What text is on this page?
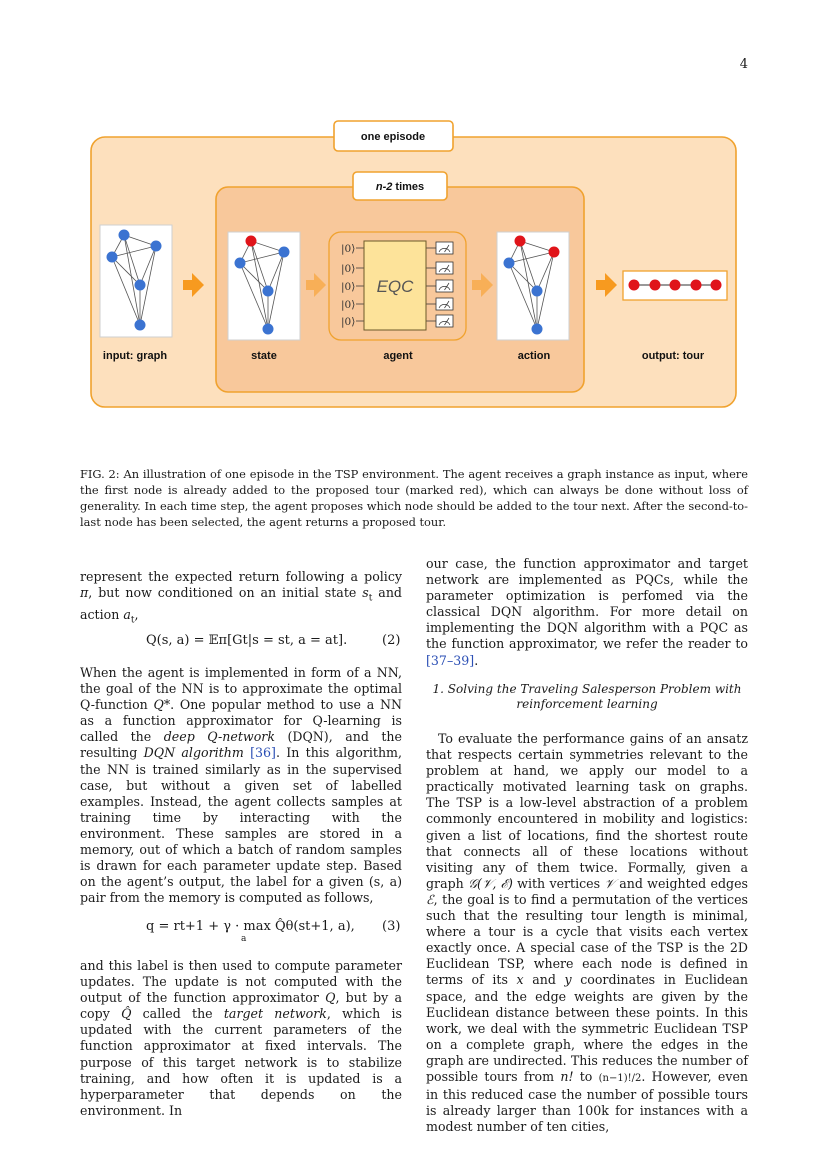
4
one episode
n-2 times
input: graph	state
|0⟩
|0⟩
|0⟩
|0⟩
|0⟩
EQC
agent	action	output: tour
FIG. 2: An illustration of one episode in the TSP environment. The agent receives a graph instance as input, where the first node is already added to the proposed tour (marked red), which can always be done without loss of generality. In each time step, the agent proposes which node should be added to the tour next. After the second-to-last node has been selected, the agent returns a proposed tour.

represent the expected return following a policy π, but now conditioned on an initial state $s_t$ and action $a_t$,

Q(s, a) = 𝔼π[Gt|s = st, a = at].	(2)

When the agent is implemented in form of a NN, the goal of the NN is to approximate the optimal Q-function Q*. One popular method to use a NN as a function approximator for Q-learning is called the deep Q-network (DQN), and the resulting DQN algorithm [36]. In this algorithm, the NN is trained similarly as in the supervised case, but without a given set of labelled examples. Instead, the agent collects samples at training time by interacting with the environment. These samples are stored in a memory, out of which a batch of random samples is drawn for each parameter update step. Based on the agent’s output, the label for a given (s, a) pair from the memory is computed as follows,

q = rt+1 + γ · max Q̂θ(st+1, a),
a
(3)

and this label is then used to compute parameter updates. The update is not computed with the output of the function approximator Q, but by a copy Q̂ called the target network, which is updated with the current parameters of the function approximator at fixed intervals. The purpose of this target network is to stabilize training, and how often it is updated is a hyperparameter that depends on the environment. In

our case, the function approximator and target network are implemented as PQCs, while the parameter optimization is perfomed via the classical DQN algorithm. For more detail on implementing the DQN algorithm with a PQC as the function approximator, we refer the reader to [37–39].

1. Solving the Traveling Salesperson Problem with reinforcement learning

To evaluate the performance gains of an ansatz that respects certain symmetries relevant to the problem at hand, we apply our model to a practically motivated learning task on graphs. The TSP is a low-level abstraction of a problem commonly encountered in mobility and logistics: given a list of locations, find the shortest route that connects all of these locations without visiting any of them twice. Formally, given a graph 𝒢(𝒱, ℰ) with vertices 𝒱 and weighted edges ℰ, the goal is to find a permutation of the vertices such that the resulting tour length is minimal, where a tour is a cycle that visits each vertex exactly once. A special case of the TSP is the 2D Euclidean TSP, where each node is defined in terms of its x and y coordinates in Euclidean space, and the edge weights are given by the Euclidean distance between these points. In this work, we deal with the symmetric Euclidean TSP on a complete graph, where the edges in the graph are undirected. This reduces the number of possible tours from n! to (n−1)!/2. However, even in this reduced case the number of possible tours is already larger than 100k for instances with a modest number of ten cities,
